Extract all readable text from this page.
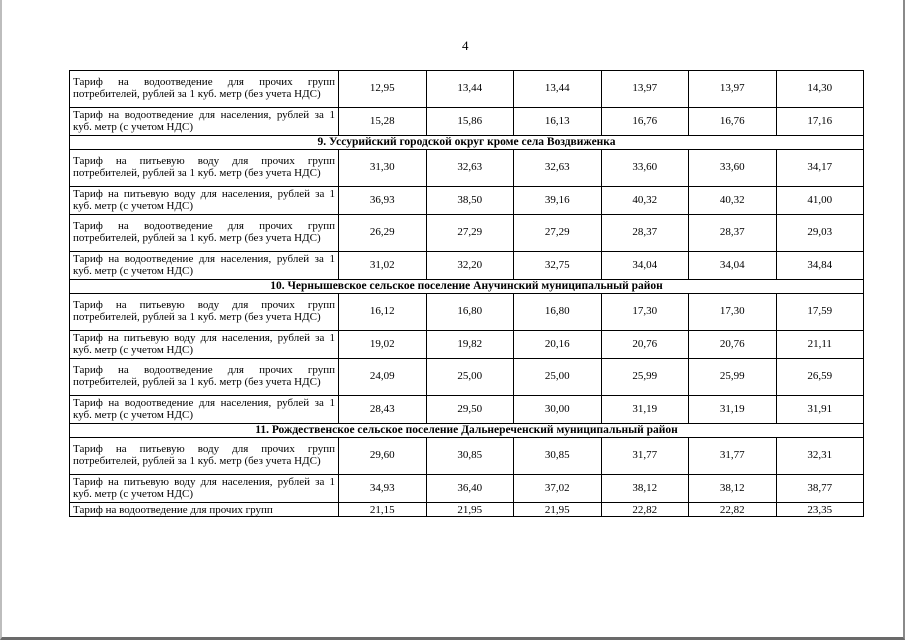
4
Тариф на водоотведение для прочих групп потребителей, рублей за 1 куб. метр (без учета НДС)	12,95	13,44	13,44	13,97	13,97	14,30
Тариф на водоотведение для населения, рублей за 1 куб. метр (с учетом НДС)	15,28	15,86	16,13	16,76	16,76	17,16
9. Уссурийский городской округ кроме села Воздвиженка						
Тариф на питьевую воду для прочих групп потребителей, рублей за 1 куб. метр (без учета НДС)	31,30	32,63	32,63	33,60	33,60	34,17
Тариф на питьевую воду для населения, рублей за 1 куб. метр (с учетом НДС)	36,93	38,50	39,16	40,32	40,32	41,00
Тариф на водоотведение для прочих групп потребителей, рублей за 1 куб. метр (без учета НДС)	26,29	27,29	27,29	28,37	28,37	29,03
Тариф на водоотведение для населения, рублей за 1 куб. метр (с учетом НДС)	31,02	32,20	32,75	34,04	34,04	34,84
10. Чернышевское сельское поселение Анучинский муниципальный район						
Тариф на питьевую воду для прочих групп потребителей, рублей за 1 куб. метр (без учета НДС)	16,12	16,80	16,80	17,30	17,30	17,59
Тариф на питьевую воду для населения, рублей за 1 куб. метр (с учетом НДС)	19,02	19,82	20,16	20,76	20,76	21,11
Тариф на водоотведение для прочих групп потребителей, рублей за 1 куб. метр (без учета НДС)	24,09	25,00	25,00	25,99	25,99	26,59
Тариф на водоотведение для населения, рублей за 1 куб. метр (с учетом НДС)	28,43	29,50	30,00	31,19	31,19	31,91
11. Рождественское сельское поселение Дальнереченский муниципальный район						
Тариф на питьевую воду для прочих групп потребителей, рублей за 1 куб. метр (без учета НДС)	29,60	30,85	30,85	31,77	31,77	32,31
Тариф на питьевую воду для населения, рублей за 1 куб. метр (с учетом НДС)	34,93	36,40	37,02	38,12	38,12	38,77
Тариф на водоотведение для прочих групп	21,15	21,95	21,95	22,82	22,82	23,35
